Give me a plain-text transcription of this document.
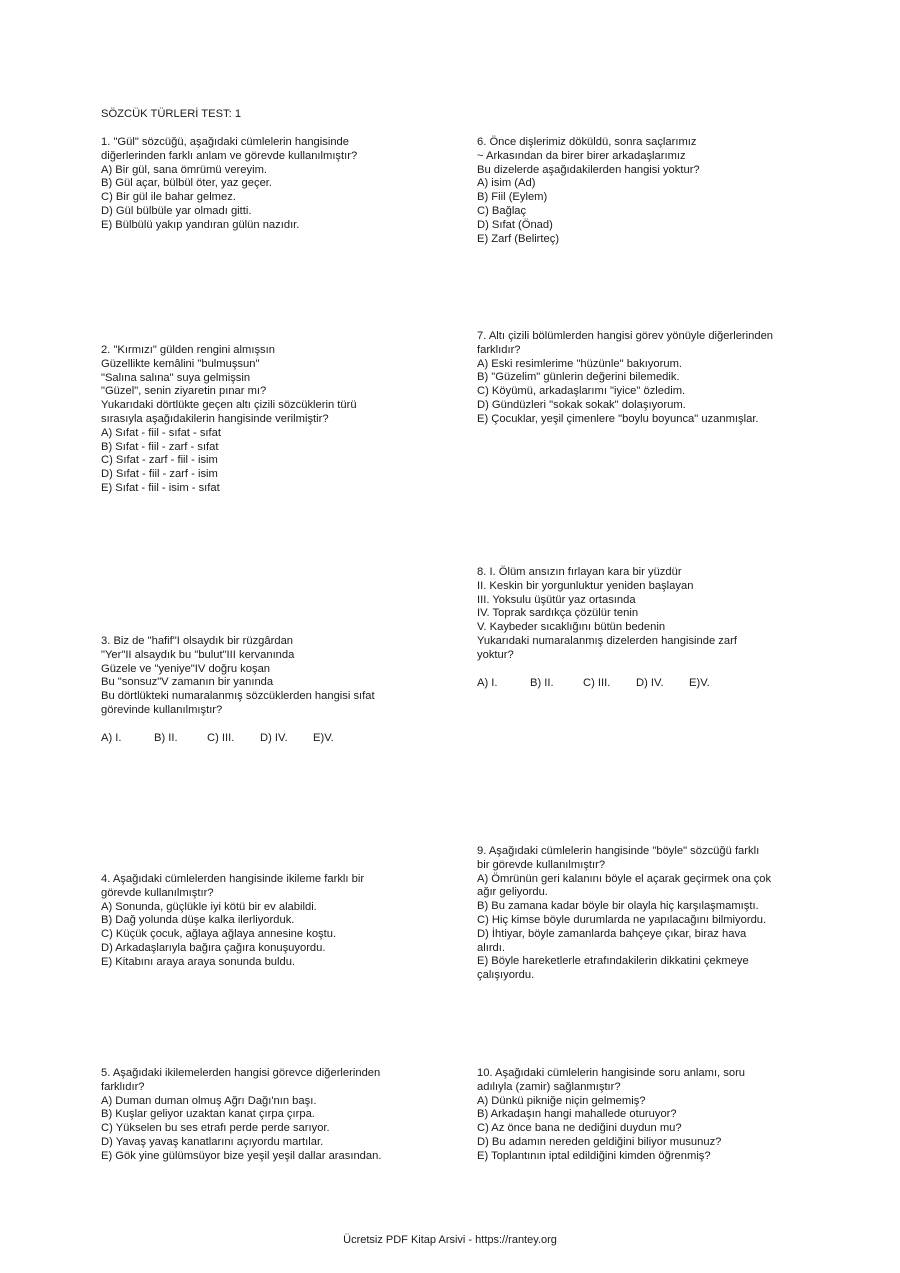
SÖZCÜK TÜRLERİ TEST: 1
1. "Gül" sözcüğü, aşağıdaki cümlelerin hangisinde
diğerlerinden farklı anlam ve görevde kullanılmıştır?
A) Bir gül, sana ömrümü vereyim.
B) Gül açar, bülbül öter, yaz geçer.
C) Bir gül ile bahar gelmez.
D) Gül bülbüle yar olmadı gitti.
E) Bülbülü yakıp yandıran gülün nazıdır.
2. "Kırmızı" gülden rengini almışsın
Güzellikte kemâlini "bulmuşsun"
"Salına salına" suya gelmişsin
"Güzel", senin ziyaretin pınar mı?
Yukarıdaki dörtlükte geçen altı çizili sözcüklerin türü
sırasıyla aşağıdakilerin hangisinde verilmiştir?
A) Sıfat - fiil - sıfat - sıfat
B) Sıfat - fiil - zarf - sıfat
C) Sıfat - zarf - fiil - isim
D) Sıfat - fiil - zarf - isim
E) Sıfat - fiil - isim - sıfat
3. Biz de "hafif"I olsaydık bir rüzgârdan
"Yer"II alsaydık bu "bulut"III kervanında
Güzele ve "yeniye"IV doğru koşan
Bu "sonsuz"V zamanın bir yanında
Bu dörtlükteki numaralanmış sözcüklerden hangisi sıfat
görevinde kullanılmıştır?
A) I.	B) II.	C) III.	D) IV.	E)V.
4. Aşağıdaki cümlelerden hangisinde ikileme farklı bir
görevde kullanılmıştır?
A) Sonunda, güçlükle iyi kötü bir ev alabildi.
B) Dağ yolunda düşe kalka ilerliyorduk.
C) Küçük çocuk, ağlaya ağlaya annesine koştu.
D) Arkadaşlarıyla bağıra çağıra konuşuyordu.
E) Kitabını araya araya sonunda buldu.
5. Aşağıdaki ikilemelerden hangisi görevce diğerlerinden
farklıdır?
A) Duman duman olmuş Ağrı Dağı'nın başı.
B) Kuşlar geliyor uzaktan kanat çırpa çırpa.
C) Yükselen bu ses etrafı perde perde sarıyor.
D) Yavaş yavaş kanatlarını açıyordu martılar.
E) Gök yine gülümsüyor bize yeşil yeşil dallar arasından.
6. Önce dişlerimiz döküldü, sonra saçlarımız
~ Arkasından da birer birer arkadaşlarımız
Bu dizelerde aşağıdakilerden hangisi yoktur?
A) isim (Ad)
B) Fiil (Eylem)
C) Bağlaç
D) Sıfat (Önad)
E) Zarf (Belirteç)
7. Altı çizili bölümlerden hangisi görev yönüyle diğerlerinden
farklıdır?
A) Eski resimlerime "hüzünle" bakıyorum.
B) "Güzelim" günlerin değerini bilemedik.
C) Köyümü, arkadaşlarımı "iyice" özledim.
D) Gündüzleri "sokak sokak" dolaşıyorum.
E) Çocuklar, yeşil çimenlere "boylu boyunca" uzanmışlar.
8. I. Ölüm ansızın fırlayan kara bir yüzdür
II. Keskin bir yorgunluktur yeniden başlayan
III. Yoksulu üşütür yaz ortasında
IV. Toprak sardıkça çözülür tenin
V. Kaybeder sıcaklığını bütün bedenin
Yukarıdaki numaralanmış dizelerden hangisinde zarf
yoktur?
A) I.	B) II.	C) III.	D) IV.	E)V.
9. Aşağıdaki cümlelerin hangisinde "böyle" sözcüğü farklı
bir görevde kullanılmıştır?
A) Ömrünün geri kalanını böyle el açarak geçirmek ona çok
ağır geliyordu.
B) Bu zamana kadar böyle bir olayla hiç karşılaşmamıştı.
C) Hiç kimse böyle durumlarda ne yapılacağını bilmiyordu.
D) İhtiyar, böyle zamanlarda bahçeye çıkar, biraz hava
alırdı.
E) Böyle hareketlerle etrafındakilerin dikkatini çekmeye
çalışıyordu.
10. Aşağıdaki cümlelerin hangisinde soru anlamı, soru
adılıyla (zamir) sağlanmıştır?
A) Dünkü pikniğe niçin gelmemiş?
B) Arkadaşın hangi mahallede oturuyor?
C) Az önce bana ne dediğini duydun mu?
D) Bu adamın nereden geldiğini biliyor musunuz?
E) Toplantının iptal edildiğini kimden öğrenmiş?
Ücretsiz PDF Kitap Arsivi - https://rantey.org
